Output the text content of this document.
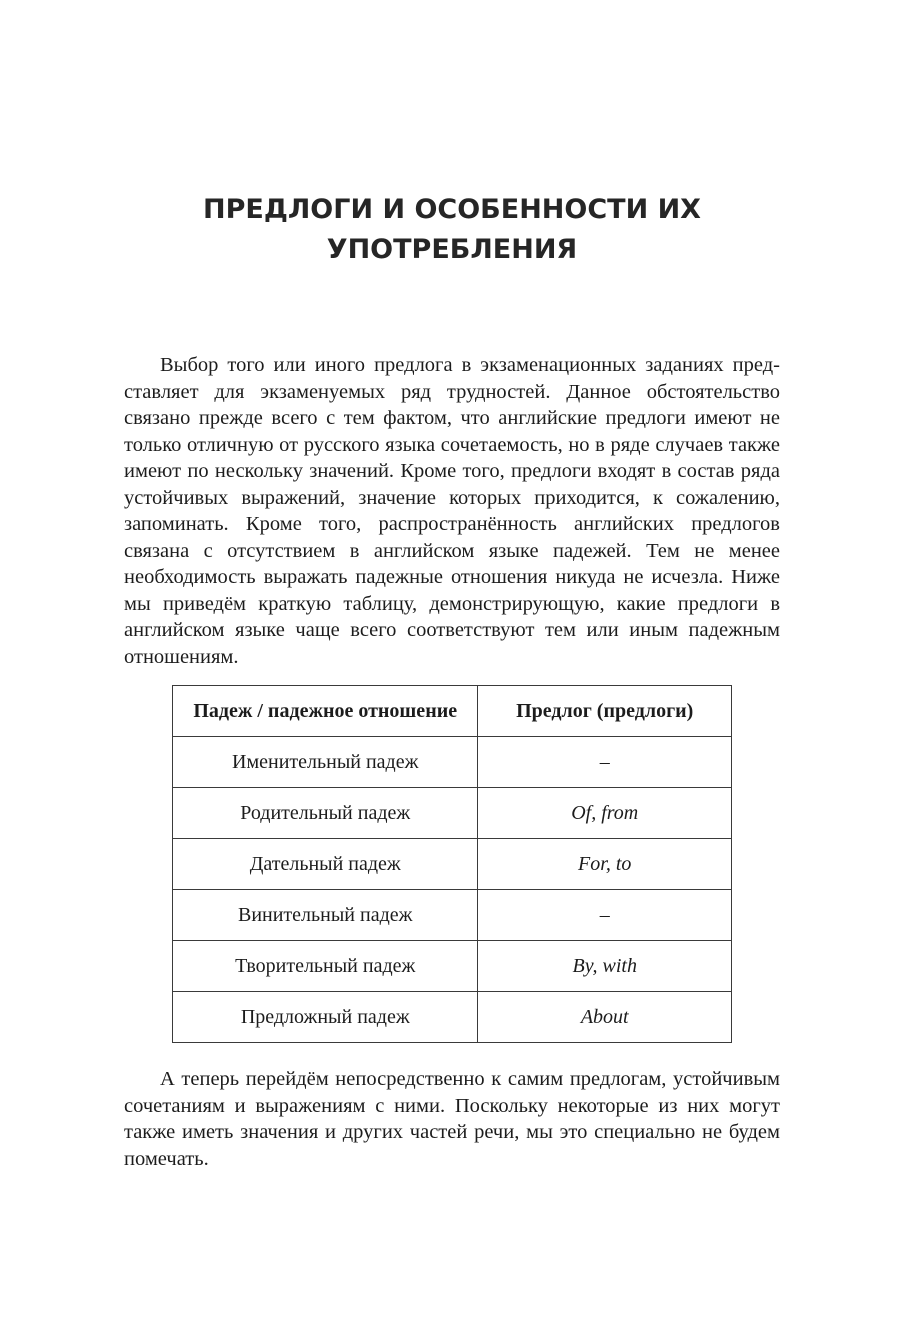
ПРЕДЛОГИ И ОСОБЕННОСТИ ИХ
УПОТРЕБЛЕНИЯ

Выбор того или иного предлога в экзаменационных заданиях представляет для экзаменуемых ряд трудностей. Данное обстоятельство связано прежде всего с тем фактом, что английские предлоги имеют не только отличную от русского языка сочетаемость, но в ряде случаев также имеют по нескольку значений. Кроме того, предлоги входят в состав ряда устойчивых выражений, значение которых приходится, к сожалению, запоминать. Кроме того, распространённость английских предлогов связана с отсутствием в английском языке падежей. Тем не менее необходимость выражать падежные отношения никуда не исчезла. Ниже мы приведём краткую таблицу, демонстрирующую, какие предлоги в английском языке чаще всего соответствуют тем или иным падежным отношениям.

Падеж / падежное отношение	Предлог (предлоги)
Именительный падеж	–
Родительный падеж	Of, from
Дательный падеж	For, to
Винительный падеж	–
Творительный падеж	By, with
Предложный падеж	About

А теперь перейдём непосредственно к самим предлогам, устойчивым сочетаниям и выражениям с ними. Поскольку некоторые из них могут также иметь значения и других частей речи, мы это специально не будем помечать.
